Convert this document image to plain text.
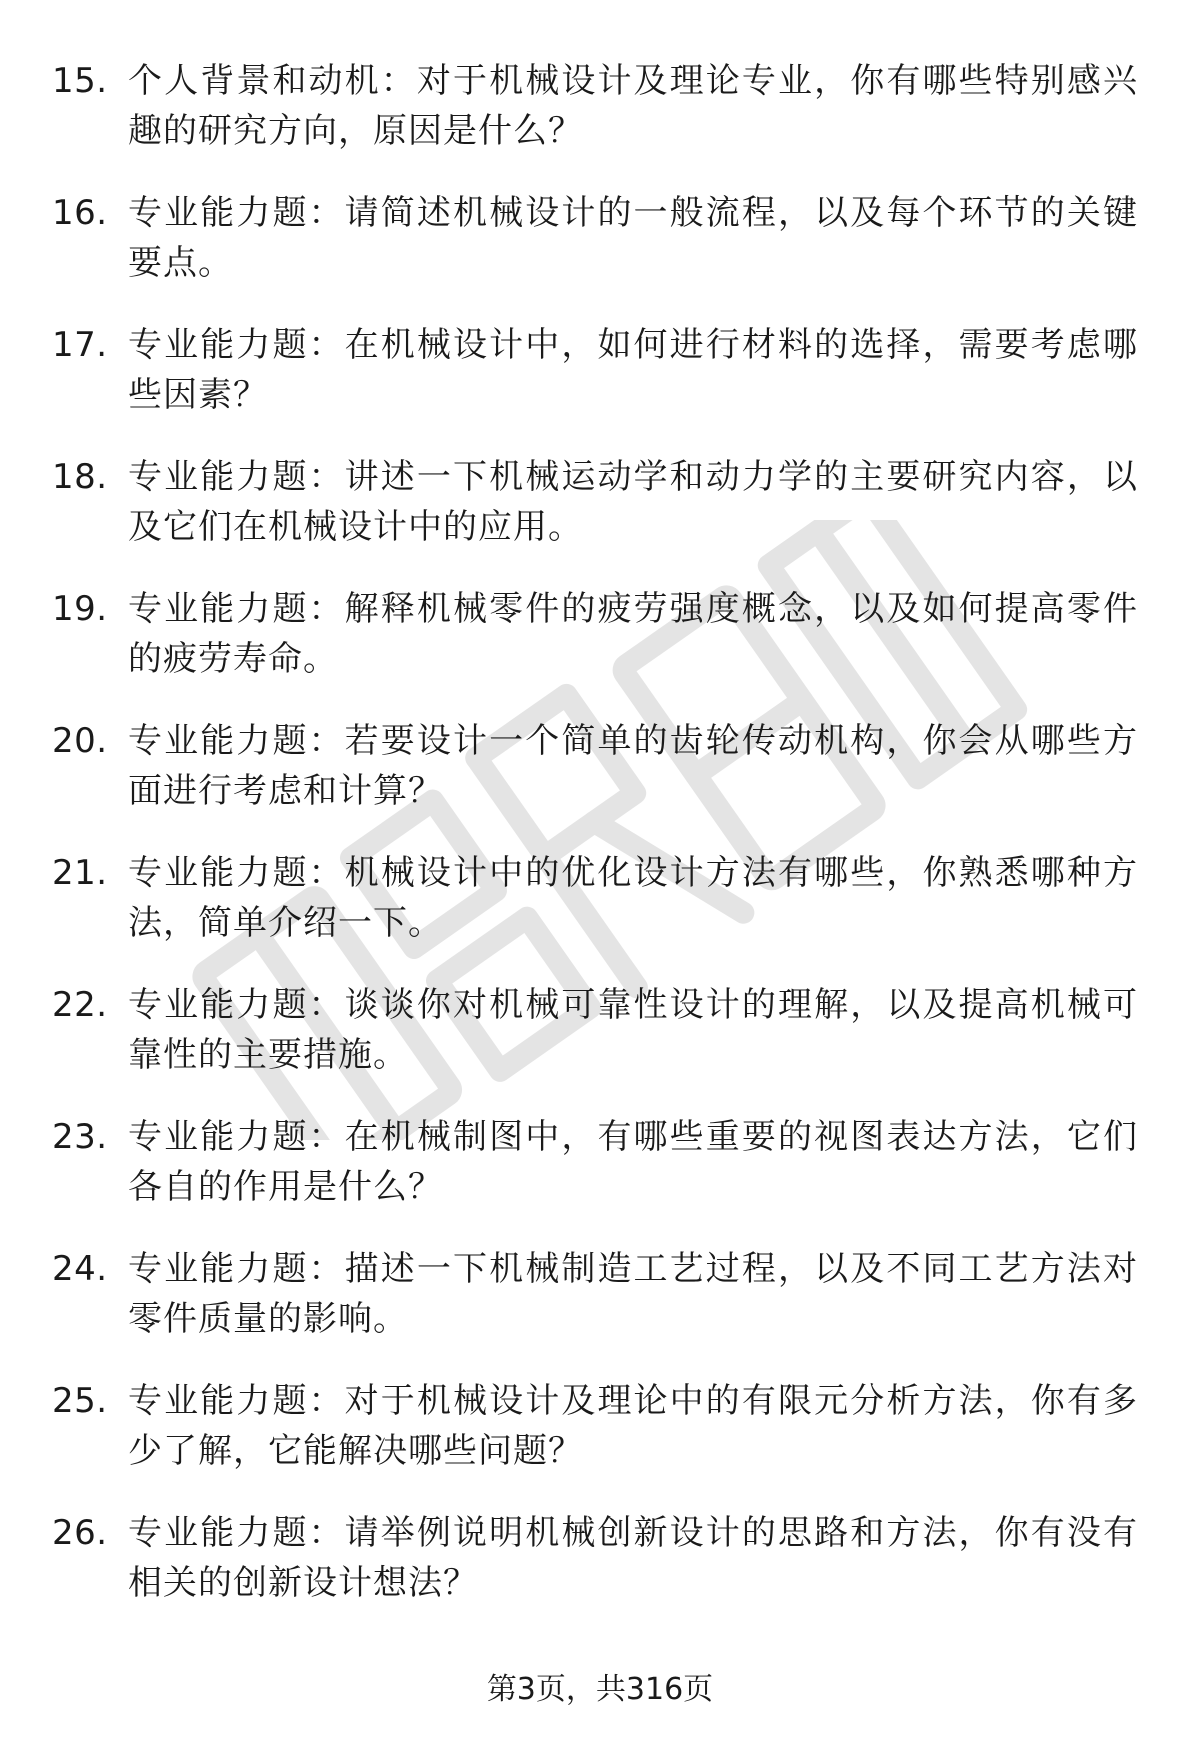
15. 个人背景和动机：对于机械设计及理论专业，你有哪些特别感兴趣的研究方向，原因是什么？
16. 专业能力题：请简述机械设计的一般流程，以及每个环节的关键要点。
17. 专业能力题：在机械设计中，如何进行材料的选择，需要考虑哪些因素？
18. 专业能力题：讲述一下机械运动学和动力学的主要研究内容，以及它们在机械设计中的应用。
19. 专业能力题：解释机械零件的疲劳强度概念，以及如何提高零件的疲劳寿命。
20. 专业能力题：若要设计一个简单的齿轮传动机构，你会从哪些方面进行考虑和计算？
21. 专业能力题：机械设计中的优化设计方法有哪些，你熟悉哪种方法，简单介绍一下。
22. 专业能力题：谈谈你对机械可靠性设计的理解，以及提高机械可靠性的主要措施。
23. 专业能力题：在机械制图中，有哪些重要的视图表达方法，它们各自的作用是什么？
24. 专业能力题：描述一下机械制造工艺过程，以及不同工艺方法对零件质量的影响。
25. 专业能力题：对于机械设计及理论中的有限元分析方法，你有多少了解，它能解决哪些问题？
26. 专业能力题：请举例说明机械创新设计的思路和方法，你有没有相关的创新设计想法？
第3页，共316页
